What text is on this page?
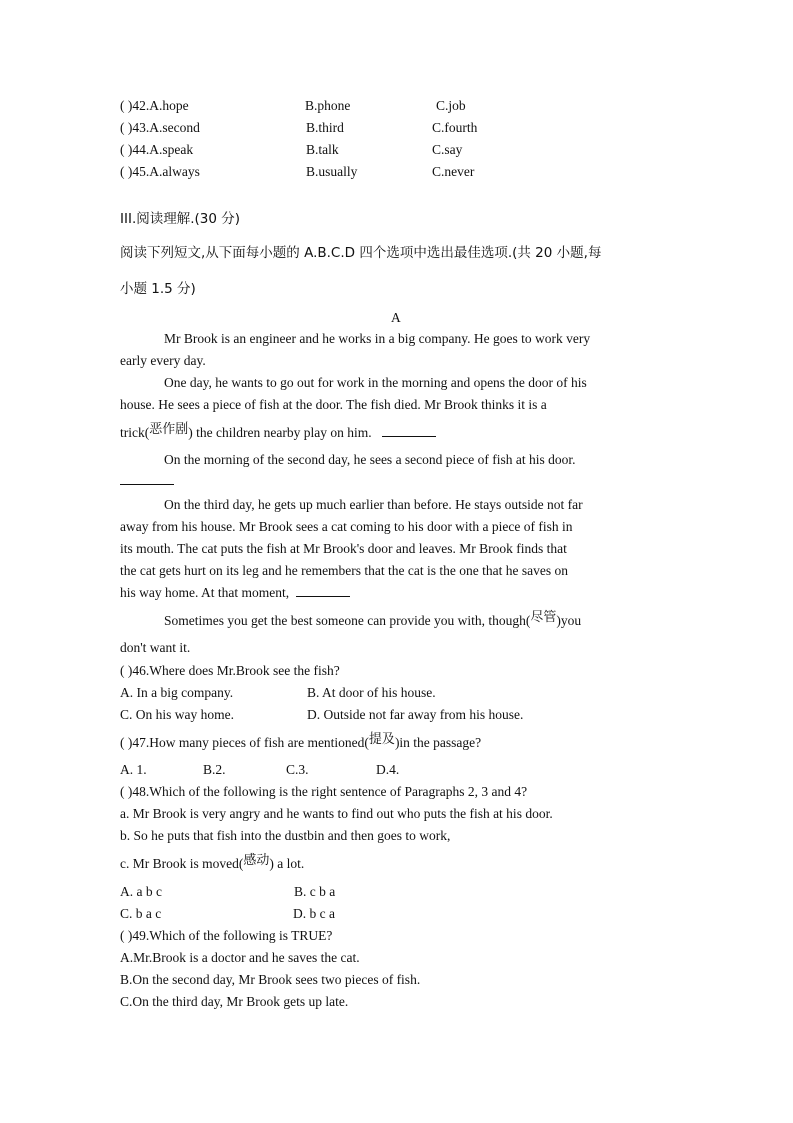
( )42.A.hope	B.phone	C.job
( )43.A.second	B.third	C.fourth
( )44.A.speak	B.talk	C.say
( )45.A.always	B.usually	C.never
III.阅读理解.(30 分)
阅读下列短文,从下面每小题的 A.B.C.D 四个选项中选出最佳选项.(共 20 小题,每
小题 1.5 分)
A
Mr Brook is an engineer and he works in a big company. He goes to work very
early every day.
One day, he wants to go out for work in the morning and opens the door of his
house. He sees a piece of fish at the door. The fish died. Mr Brook thinks it is a
trick(恶作剧) the children nearby play on him.
On the morning of the second day, he sees a second piece of fish at his door.
On the third day, he gets up much earlier than before. He stays outside not far
away from his house. Mr Brook sees a cat coming to his door with a piece of fish in
its mouth. The cat puts the fish at Mr Brook's door and leaves. Mr Brook finds that
the cat gets hurt on its leg and he remembers that the cat is the one that he saves on
his way home. At that moment,
Sometimes you get the best someone can provide you with, though(尽管)you
don't want it.
( )46.Where does Mr.Brook see the fish?
A. In a big company.	B. At door of his house.
C. On his way home.	D. Outside not far away from his house.
( )47.How many pieces of fish are mentioned(提及)in the passage?
A. 1.	B.2.	C.3.	D.4.
( )48.Which of the following is the right sentence of Paragraphs 2, 3 and 4?
a. Mr Brook is very angry and he wants to find out who puts the fish at his door.
b. So he puts that fish into the dustbin and then goes to work,
c. Mr Brook is moved(感动) a lot.
A. a b c	B. c b a
C. b a c	D. b c a
( )49.Which of the following is TRUE?
A.Mr.Brook is a doctor and he saves the cat.
B.On the second day, Mr Brook sees two pieces of fish.
C.On the third day, Mr Brook gets up late.
